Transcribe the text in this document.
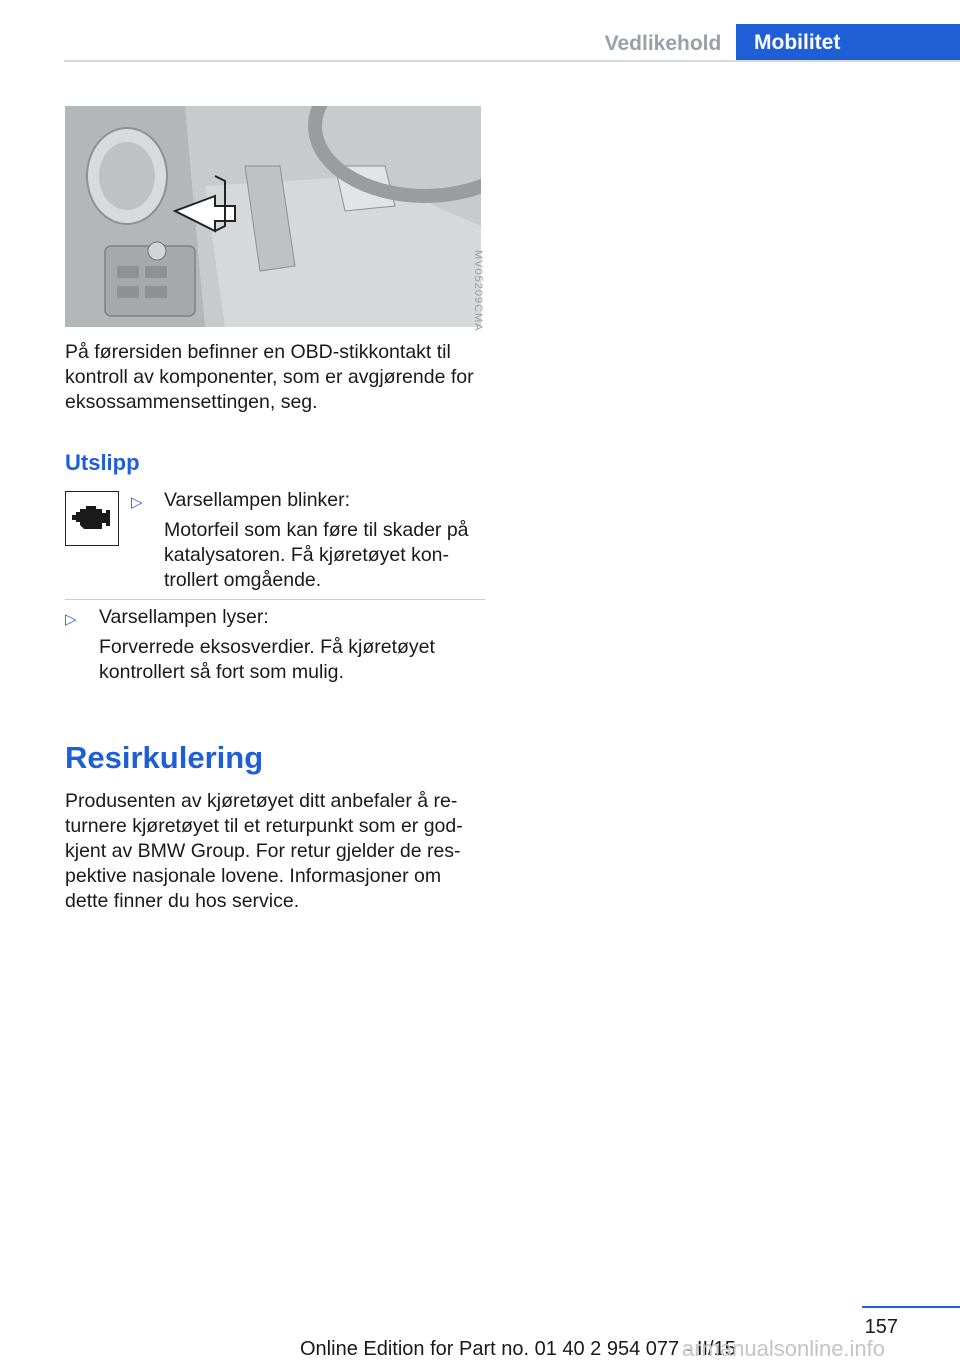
Vedlikehold	Mobilitet
MV05209CMA
På førersiden befinner en OBD-stikkontakt til kontroll av komponenter, som er avgjørende for eksossammensettingen, seg.
Utslipp
▷ Varsellampen blinker:
Motorfeil som kan føre til skader på katalysatoren. Få kjøretøyet kon-trollert omgående.
▷ Varsellampen lyser:
Forverrede eksosverdier. Få kjøretøyet kontrollert så fort som mulig.
Resirkulering
Produsenten av kjøretøyet ditt anbefaler å re-turnere kjøretøyet til et returpunkt som er god-kjent av BMW Group. For retur gjelder de res-pektive nasjonale lovene. Informasjoner om dette finner du hos service.
157
Online Edition for Part no. 01 40 2 954 077 - II/15
armanualsonline.info
